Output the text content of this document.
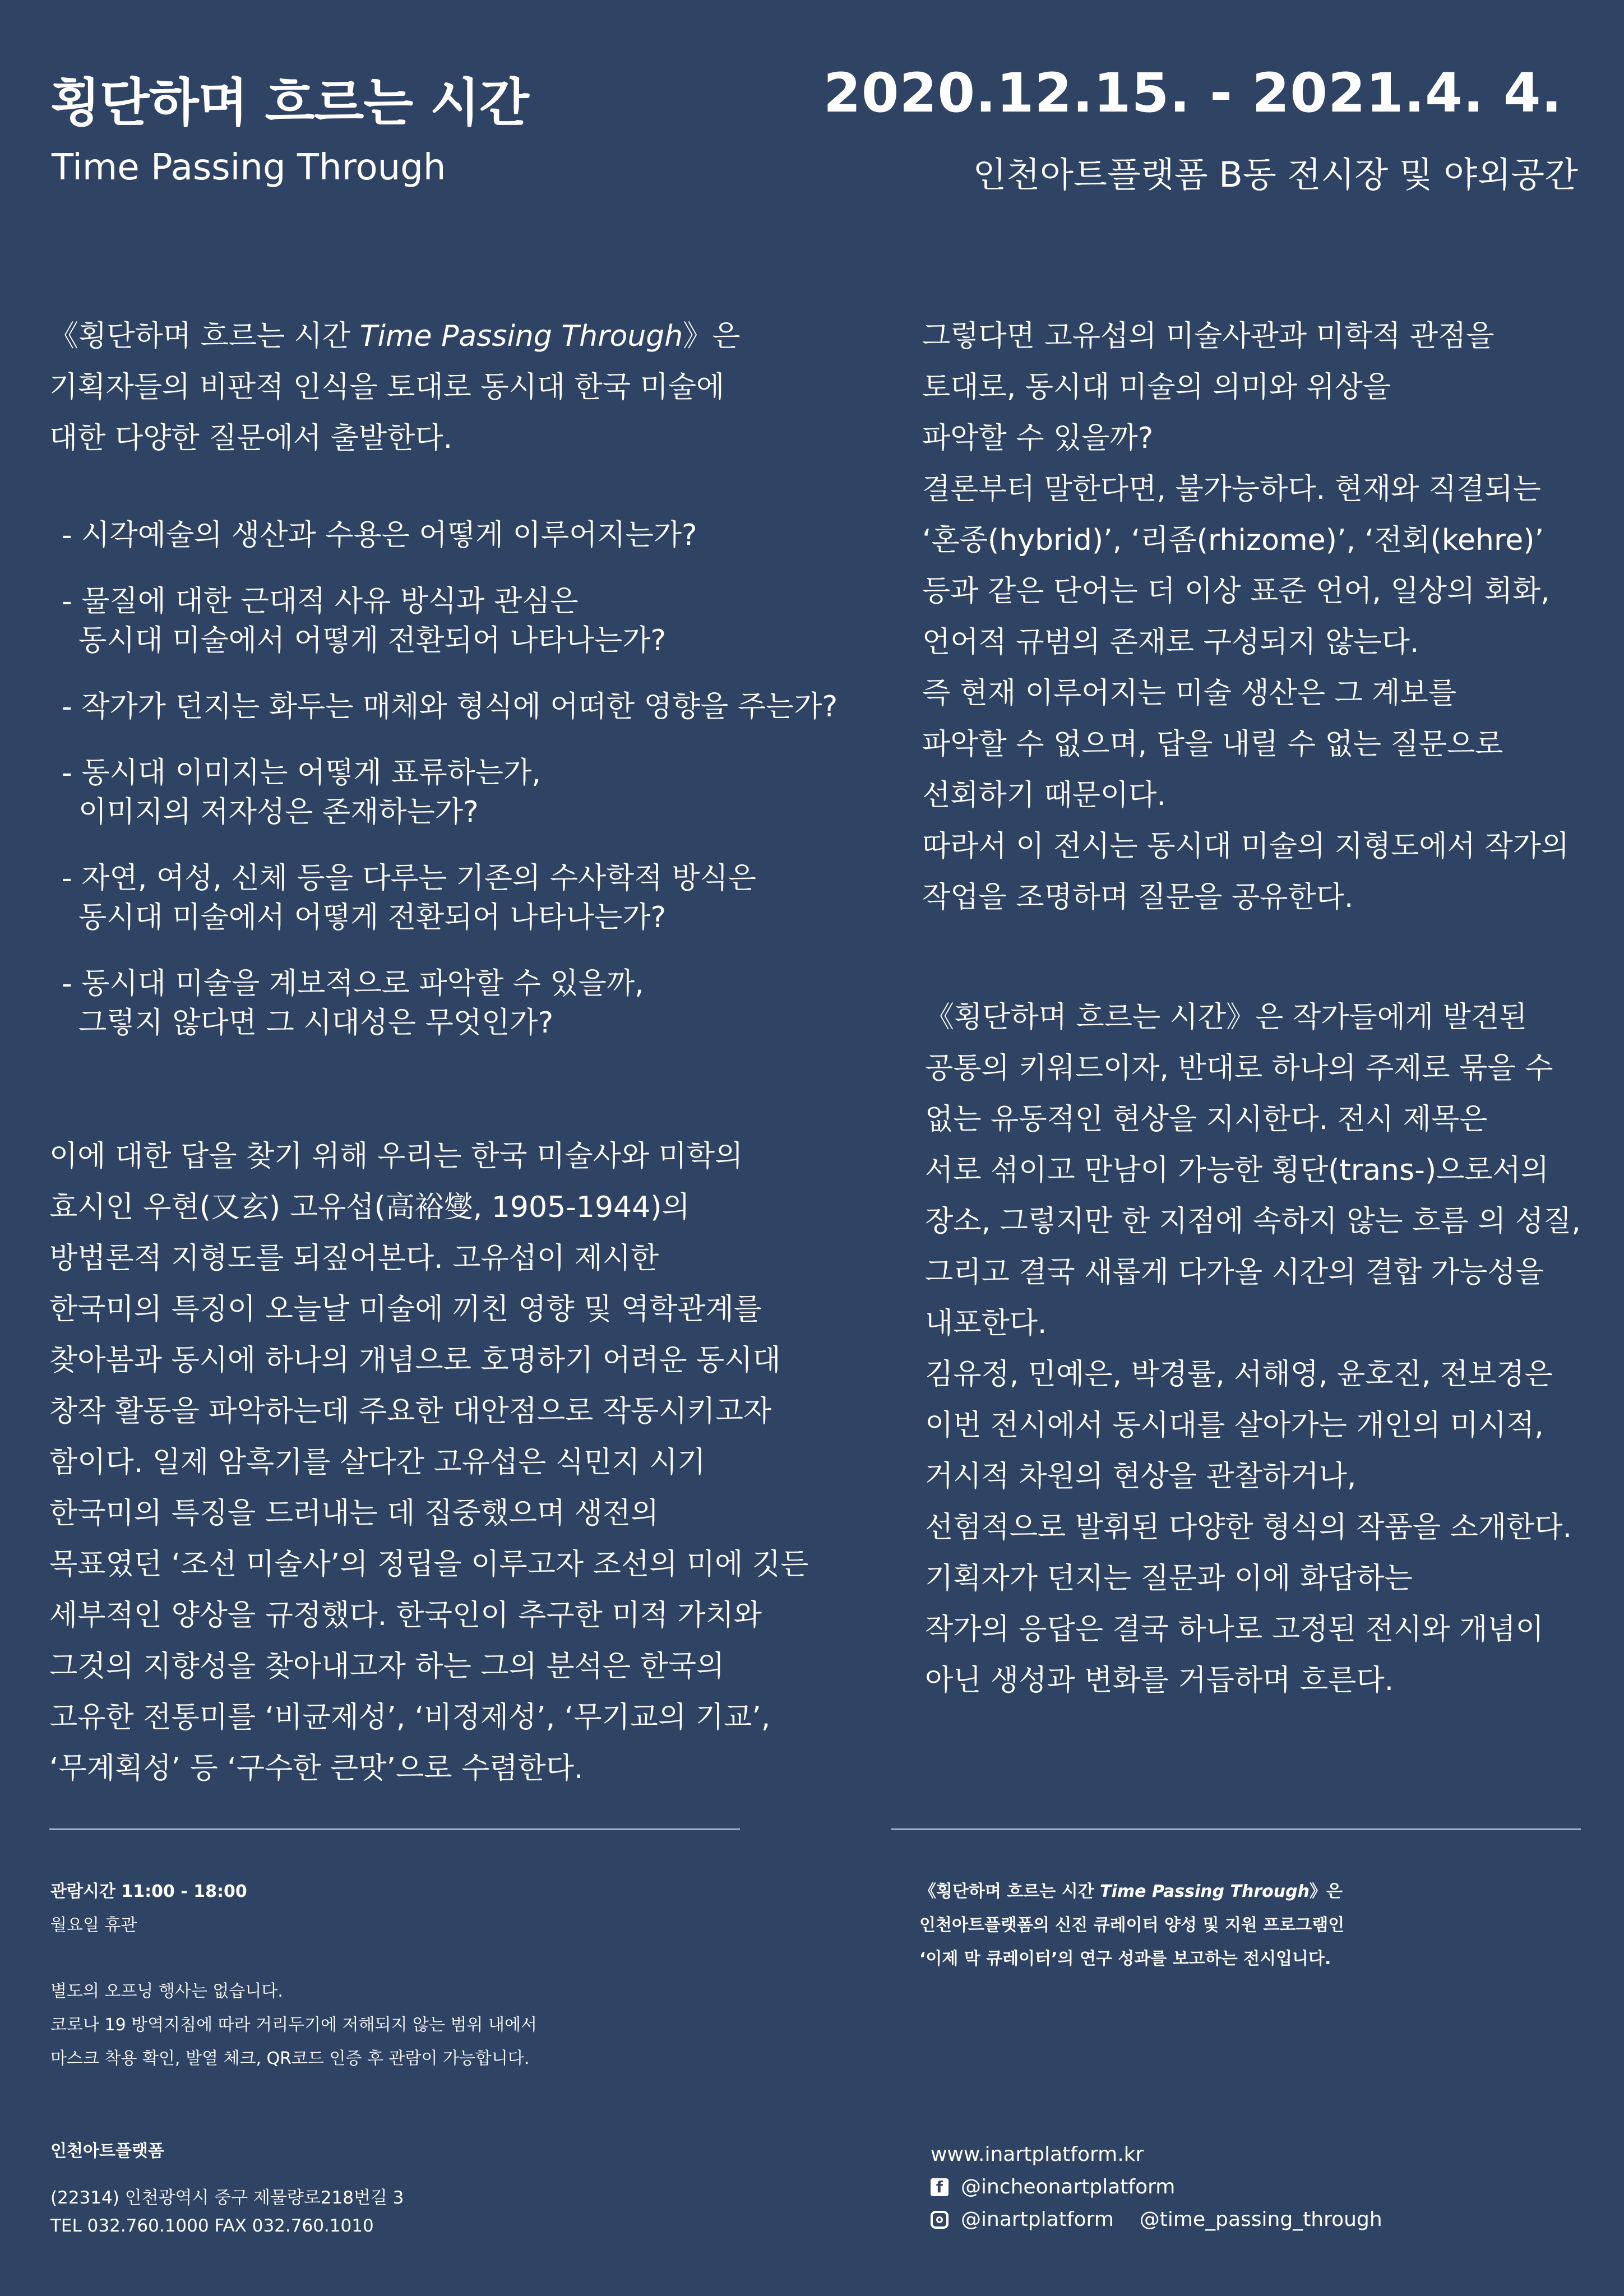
횡단하며 흐르는 시간
Time Passing Through
2020.12.15. - 2021.4. 4.
인천아트플랫폼 B동 전시장 및 야외공간

《횡단하며 흐르는 시간 Time Passing Through》은

기획자들의 비판적 인식을 토대로 동시대 한국 미술에

대한 다양한 질문에서 출발한다.

- 시각예술의 생산과 수용은 어떻게 이루어지는가?
- 물질에 대한 근대적 사유 방식과 관심은
동시대 미술에서 어떻게 전환되어 나타나는가?
- 작가가 던지는 화두는 매체와 형식에 어떠한 영향을 주는가?
- 동시대 이미지는 어떻게 표류하는가,
이미지의 저자성은 존재하는가?
- 자연, 여성, 신체 등을 다루는 기존의 수사학적 방식은
동시대 미술에서 어떻게 전환되어 나타나는가?
- 동시대 미술을 계보적으로 파악할 수 있을까,
그렇지 않다면 그 시대성은 무엇인가?

이에 대한 답을 찾기 위해 우리는 한국 미술사와 미학의

효시인 우현(又玄) 고유섭(高裕燮, 1905-1944)의

방법론적 지형도를 되짚어본다. 고유섭이 제시한

한국미의 특징이 오늘날 미술에 끼친 영향 및 역학관계를

찾아봄과 동시에 하나의 개념으로 호명하기 어려운 동시대

창작 활동을 파악하는데 주요한 대안점으로 작동시키고자

함이다. 일제 암흑기를 살다간 고유섭은 식민지 시기

한국미의 특징을 드러내는 데 집중했으며 생전의

목표였던 ‘조선 미술사’의 정립을 이루고자 조선의 미에 깃든

세부적인 양상을 규정했다. 한국인이 추구한 미적 가치와

그것의 지향성을 찾아내고자 하는 그의 분석은 한국의

고유한 전통미를 ‘비균제성’, ‘비정제성’, ‘무기교의 기교’,

‘무계획성’ 등 ‘구수한 큰맛’으로 수렴한다.

그렇다면 고유섭의 미술사관과 미학적 관점을

토대로, 동시대 미술의 의미와 위상을

파악할 수 있을까?

결론부터 말한다면, 불가능하다. 현재와 직결되는

‘혼종(hybrid)’, ‘리좀(rhizome)’, ‘전회(kehre)’

등과 같은 단어는 더 이상 표준 언어, 일상의 회화,

언어적 규범의 존재로 구성되지 않는다.

즉 현재 이루어지는 미술 생산은 그 계보를

파악할 수 없으며, 답을 내릴 수 없는 질문으로

선회하기 때문이다.

따라서 이 전시는 동시대 미술의 지형도에서 작가의

작업을 조명하며 질문을 공유한다.

《횡단하며 흐르는 시간》은 작가들에게 발견된

공통의 키워드이자, 반대로 하나의 주제로 묶을 수

없는 유동적인 현상을 지시한다. 전시 제목은

서로 섞이고 만남이 가능한 횡단(trans-)으로서의

장소, 그렇지만 한 지점에 속하지 않는 흐름 의 성질,

그리고 결국 새롭게 다가올 시간의 결합 가능성을

내포한다.

김유정, 민예은, 박경률, 서해영, 윤호진, 전보경은

이번 전시에서 동시대를 살아가는 개인의 미시적,

거시적 차원의 현상을 관찰하거나,

선험적으로 발휘된 다양한 형식의 작품을 소개한다.

기획자가 던지는 질문과 이에 화답하는

작가의 응답은 결국 하나로 고정된 전시와 개념이

아닌 생성과 변화를 거듭하며 흐른다.

관람시간 11:00 - 18:00

월요일 휴관

별도의 오프닝 행사는 없습니다.

코로나 19 방역지침에 따라 거리두기에 저해되지 않는 범위 내에서

마스크 착용 확인, 발열 체크, QR코드 인증 후 관람이 가능합니다.

인천아트플랫폼

(22314) 인천광역시 중구 제물량로218번길 3

TEL 032.760.1000 FAX 032.760.1010

《횡단하며 흐르는 시간 Time Passing Through》은

인천아트플랫폼의 신진 큐레이터 양성 및 지원 프로그램인

‘이제 막 큐레이터’의 연구 성과를 보고하는 전시입니다.

www.inartplatform.kr
f @incheonartplatform
@inartplatform @time_passing_through
